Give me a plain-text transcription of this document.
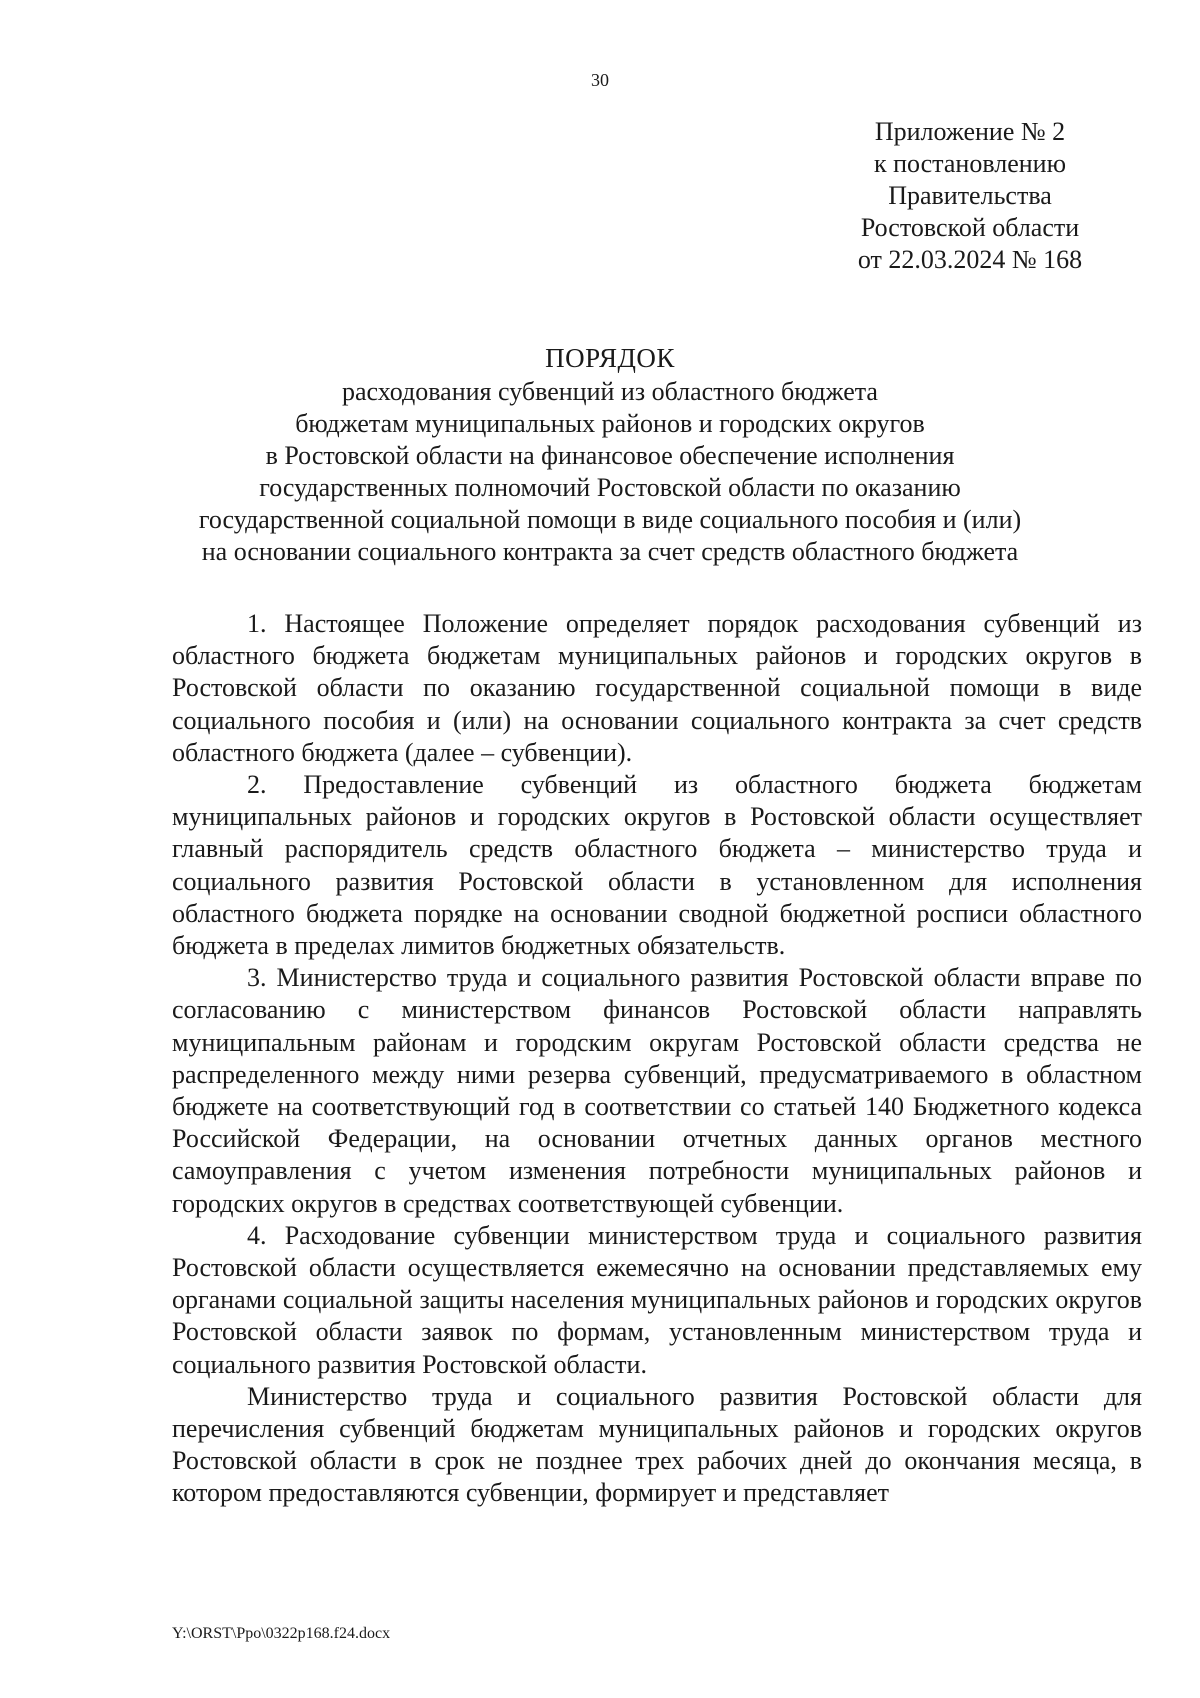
30
Приложение № 2
к постановлению
Правительства
Ростовской области
от 22.03.2024 № 168
ПОРЯДОК
расходования субвенций из областного бюджета
бюджетам муниципальных районов и городских округов
в Ростовской области на финансовое обеспечение исполнения
государственных полномочий Ростовской области по оказанию
государственной социальной помощи в виде социального пособия и (или)
на основании социального контракта за счет средств областного бюджета

1. Настоящее Положение определяет порядок расходования субвенций из областного бюджета бюджетам муниципальных районов и городских округов в Ростовской области по оказанию государственной социальной помощи в виде социального пособия и (или) на основании социального контракта за счет средств областного бюджета (далее – субвенции).

2. Предоставление субвенций из областного бюджета бюджетам муниципальных районов и городских округов в Ростовской области осуществляет главный распорядитель средств областного бюджета – министерство труда и социального развития Ростовской области в установленном для исполнения областного бюджета порядке на основании сводной бюджетной росписи областного бюджета в пределах лимитов бюджетных обязательств.

3. Министерство труда и социального развития Ростовской области вправе по согласованию с министерством финансов Ростовской области направлять муниципальным районам и городским округам Ростовской области средства не распределенного между ними резерва субвенций, предусматриваемого в областном бюджете на соответствующий год в соответствии со статьей 140 Бюджетного кодекса Российской Федерации, на основании отчетных данных органов местного самоуправления с учетом изменения потребности муниципальных районов и городских округов в средствах соответствующей субвенции.

4. Расходование субвенции министерством труда и социального развития Ростовской области осуществляется ежемесячно на основании представляемых ему органами социальной защиты населения муниципальных районов и городских округов Ростовской области заявок по формам, установленным министерством труда и социального развития Ростовской области.

Министерство труда и социального развития Ростовской области для перечисления субвенций бюджетам муниципальных районов и городских округов Ростовской области в срок не позднее трех рабочих дней до окончания месяца, в котором предоставляются субвенции, формирует и представляет

Y:\ORST\Ppo\0322p168.f24.docx
